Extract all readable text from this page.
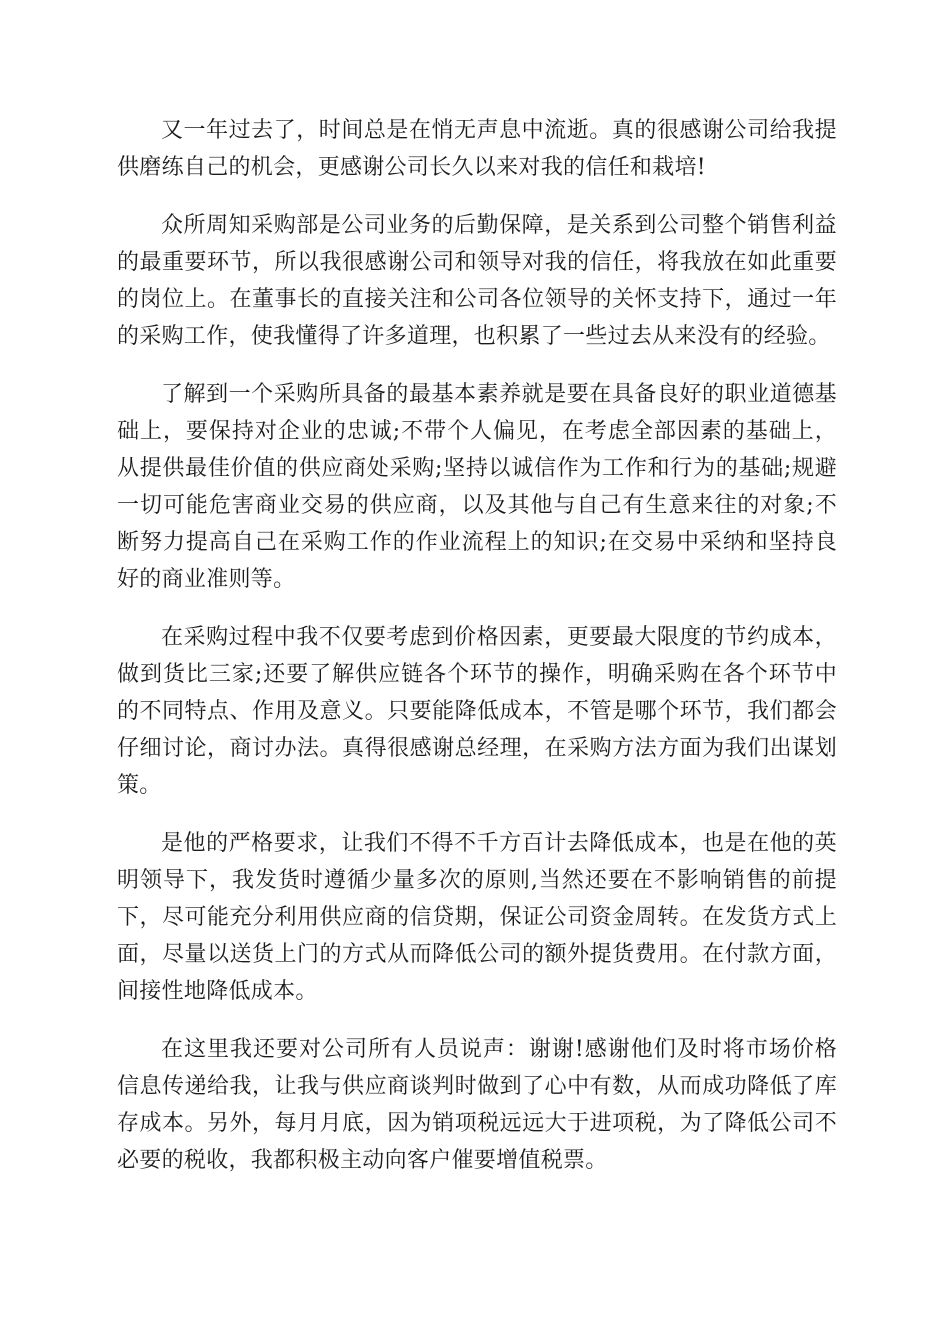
又一年过去了，时间总是在悄无声息中流逝。真的很感谢公司给我提供磨练自己的机会，更感谢公司长久以来对我的信任和栽培!

众所周知采购部是公司业务的后勤保障，是关系到公司整个销售利益的最重要环节，所以我很感谢公司和领导对我的信任，将我放在如此重要的岗位上。在董事长的直接关注和公司各位领导的关怀支持下，通过一年的采购工作，使我懂得了许多道理，也积累了一些过去从来没有的经验。

了解到一个采购所具备的最基本素养就是要在具备良好的职业道德基础上，要保持对企业的忠诚;不带个人偏见，在考虑全部因素的基础上，从提供最佳价值的供应商处采购;坚持以诚信作为工作和行为的基础;规避一切可能危害商业交易的供应商，以及其他与自己有生意来往的对象;不断努力提高自己在采购工作的作业流程上的知识;在交易中采纳和坚持良好的商业准则等。

在采购过程中我不仅要考虑到价格因素，更要最大限度的节约成本，做到货比三家;还要了解供应链各个环节的操作，明确采购在各个环节中的不同特点、作用及意义。只要能降低成本，不管是哪个环节，我们都会仔细讨论，商讨办法。真得很感谢总经理，在采购方法方面为我们出谋划策。

是他的严格要求，让我们不得不千方百计去降低成本，也是在他的英明领导下，我发货时遵循少量多次的原则,当然还要在不影响销售的前提下，尽可能充分利用供应商的信贷期，保证公司资金周转。在发货方式上面，尽量以送货上门的方式从而降低公司的额外提货费用。在付款方面，间接性地降低成本。

在这里我还要对公司所有人员说声：谢谢!感谢他们及时将市场价格信息传递给我，让我与供应商谈判时做到了心中有数，从而成功降低了库存成本。另外，每月月底，因为销项税远远大于进项税，为了降低公司不必要的税收，我都积极主动向客户催要增值税票。
